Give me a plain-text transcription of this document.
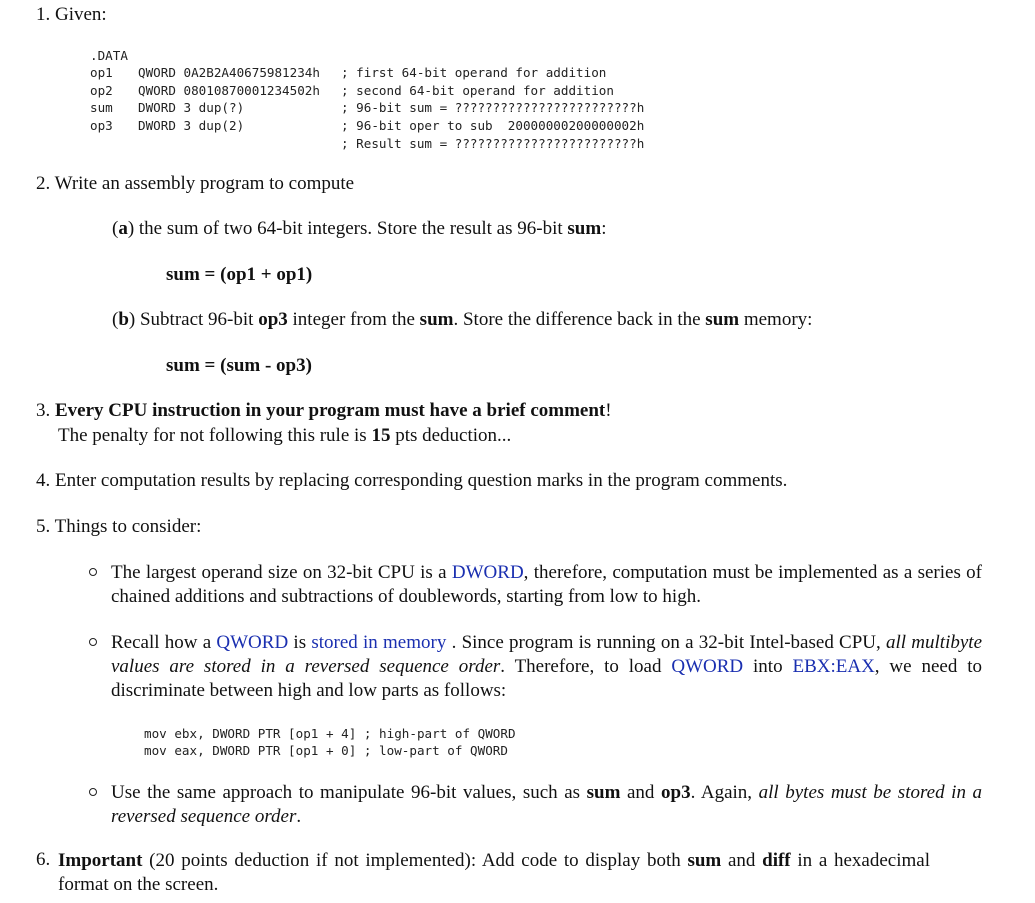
1. Given:
.DATA
op1 QWORD 0A2B2A40675981234h ; first 64-bit operand for addition
op2 QWORD 08010870001234502h ; second 64-bit operand for addition
sum DWORD 3 dup(?)	; 96-bit sum = ????????????????????????h
op3 DWORD 3 dup(2)	; 96-bit oper to sub  20000000200000002h
; Result sum = ????????????????????????h
2. Write an assembly program to compute
(a) the sum of two 64-bit integers. Store the result as 96-bit sum:
sum = (op1 + op1)
(b) Subtract 96-bit op3 integer from the sum. Store the difference back in the sum memory:
sum = (sum - op3)
3. Every CPU instruction in your program must have a brief comment!
The penalty for not following this rule is 15 pts deduction...
4. Enter computation results by replacing corresponding question marks in the program comments.
5. Things to consider:
The largest operand size on 32-bit CPU is a DWORD, therefore, computation must be implemented as a series of chained additions and subtractions of doublewords, starting from low to high.
Recall how a QWORD is stored in memory . Since program is running on a 32-bit Intel-based CPU, all multibyte values are stored in a reversed sequence order. Therefore, to load QWORD into EBX:EAX, we need to discriminate between high and low parts as follows:
mov ebx, DWORD PTR [op1 + 4] ; high-part of QWORD
mov eax, DWORD PTR [op1 + 0] ; low-part of QWORD
Use the same approach to manipulate 96-bit values, such as sum and op3. Again, all bytes must be stored in a reversed sequence order.
6. Important (20 points deduction if not implemented): Add code to display both sum and diff in a hexadecimal format on the screen.
